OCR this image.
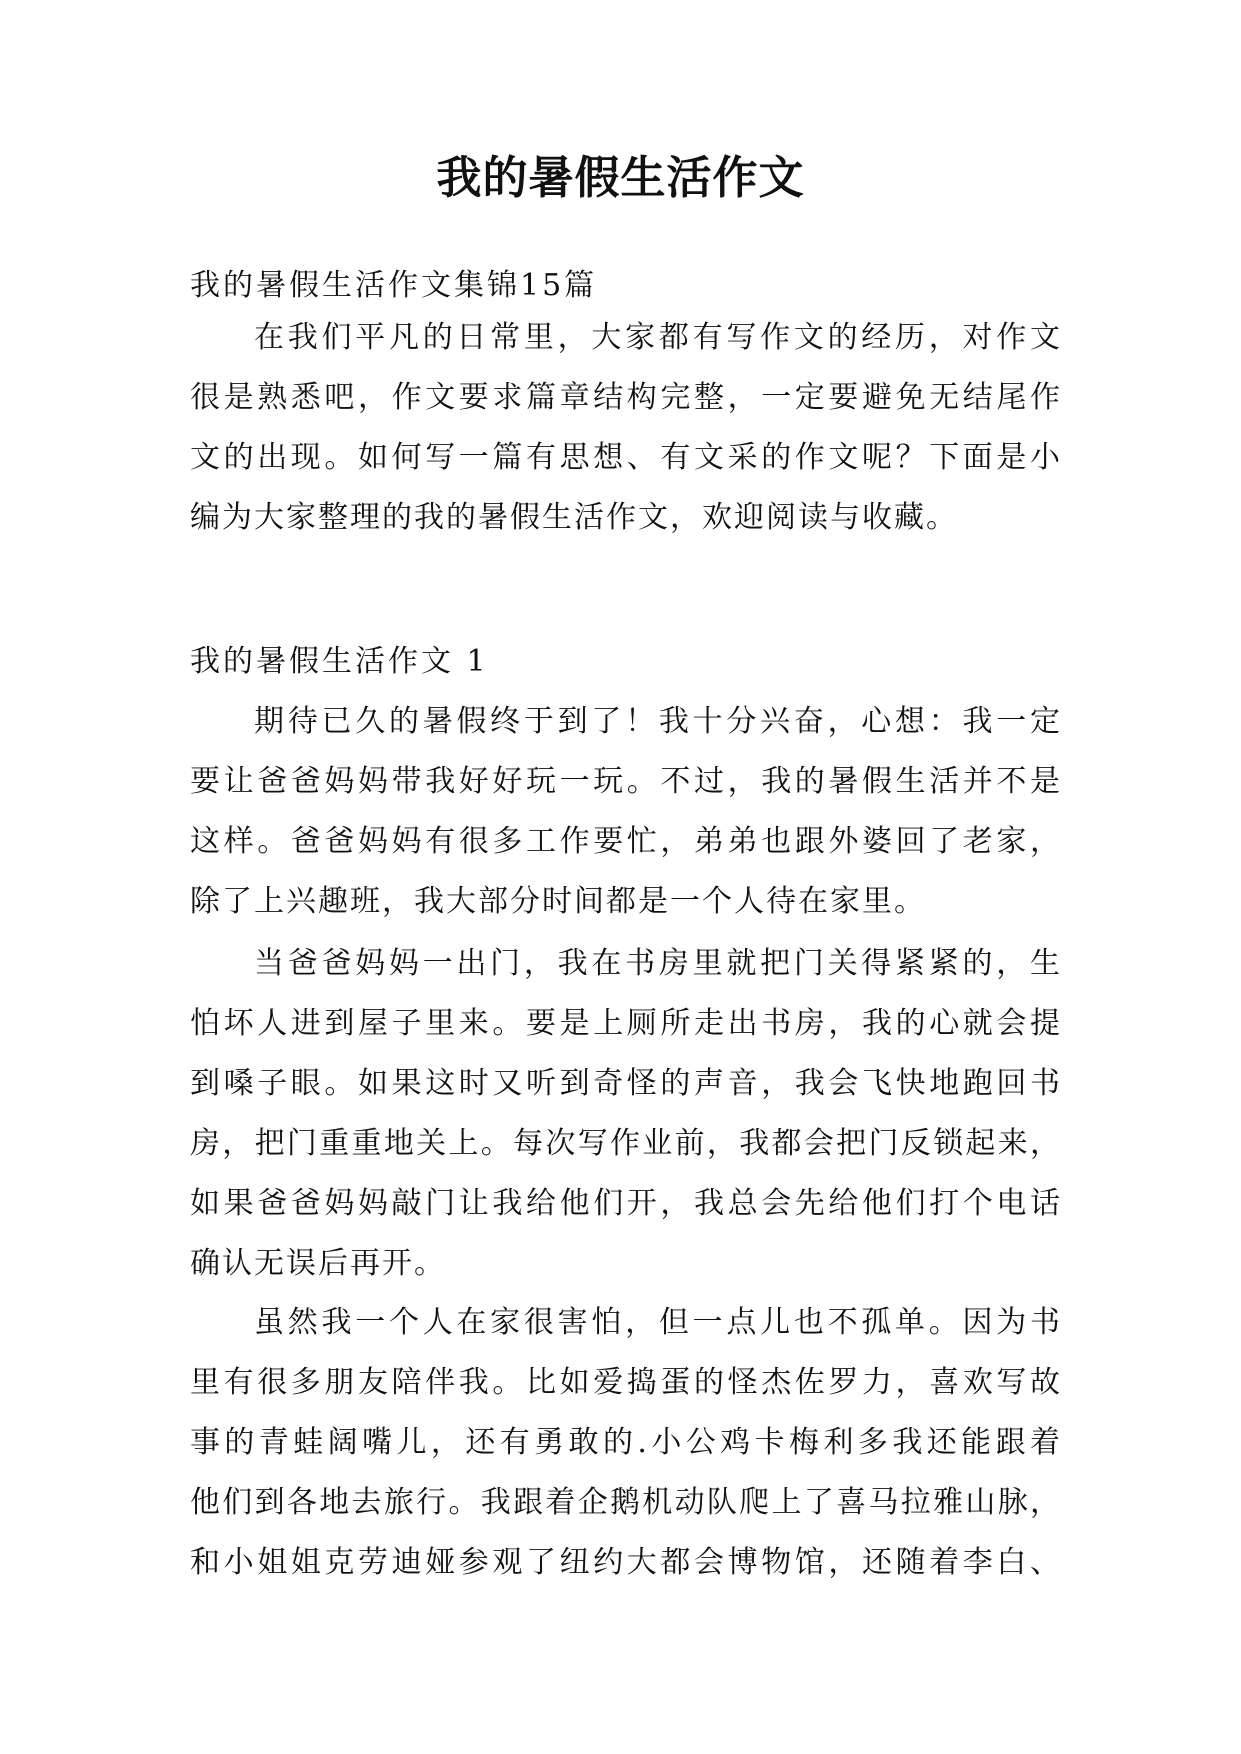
我的暑假生活作文
我的暑假生活作文集锦15篇
在我们平凡的日常里，大家都有写作文的经历，对作文
很是熟悉吧，作文要求篇章结构完整，一定要避免无结尾作
文的出现。如何写一篇有思想、有文采的作文呢？下面是小
编为大家整理的我的暑假生活作文，欢迎阅读与收藏。
我的暑假生活作文 1
期待已久的暑假终于到了！我十分兴奋，心想：我一定
要让爸爸妈妈带我好好玩一玩。不过，我的暑假生活并不是
这样。爸爸妈妈有很多工作要忙，弟弟也跟外婆回了老家，
除了上兴趣班，我大部分时间都是一个人待在家里。
当爸爸妈妈一出门，我在书房里就把门关得紧紧的，生
怕坏人进到屋子里来。要是上厕所走出书房，我的心就会提
到嗓子眼。如果这时又听到奇怪的声音，我会飞快地跑回书
房，把门重重地关上。每次写作业前，我都会把门反锁起来，
如果爸爸妈妈敲门让我给他们开，我总会先给他们打个电话
确认无误后再开。
虽然我一个人在家很害怕，但一点儿也不孤单。因为书
里有很多朋友陪伴我。比如爱捣蛋的怪杰佐罗力，喜欢写故
事的青蛙阔嘴儿，还有勇敢的.小公鸡卡梅利多我还能跟着
他们到各地去旅行。我跟着企鹅机动队爬上了喜马拉雅山脉，
和小姐姐克劳迪娅参观了纽约大都会博物馆，还随着李白、
